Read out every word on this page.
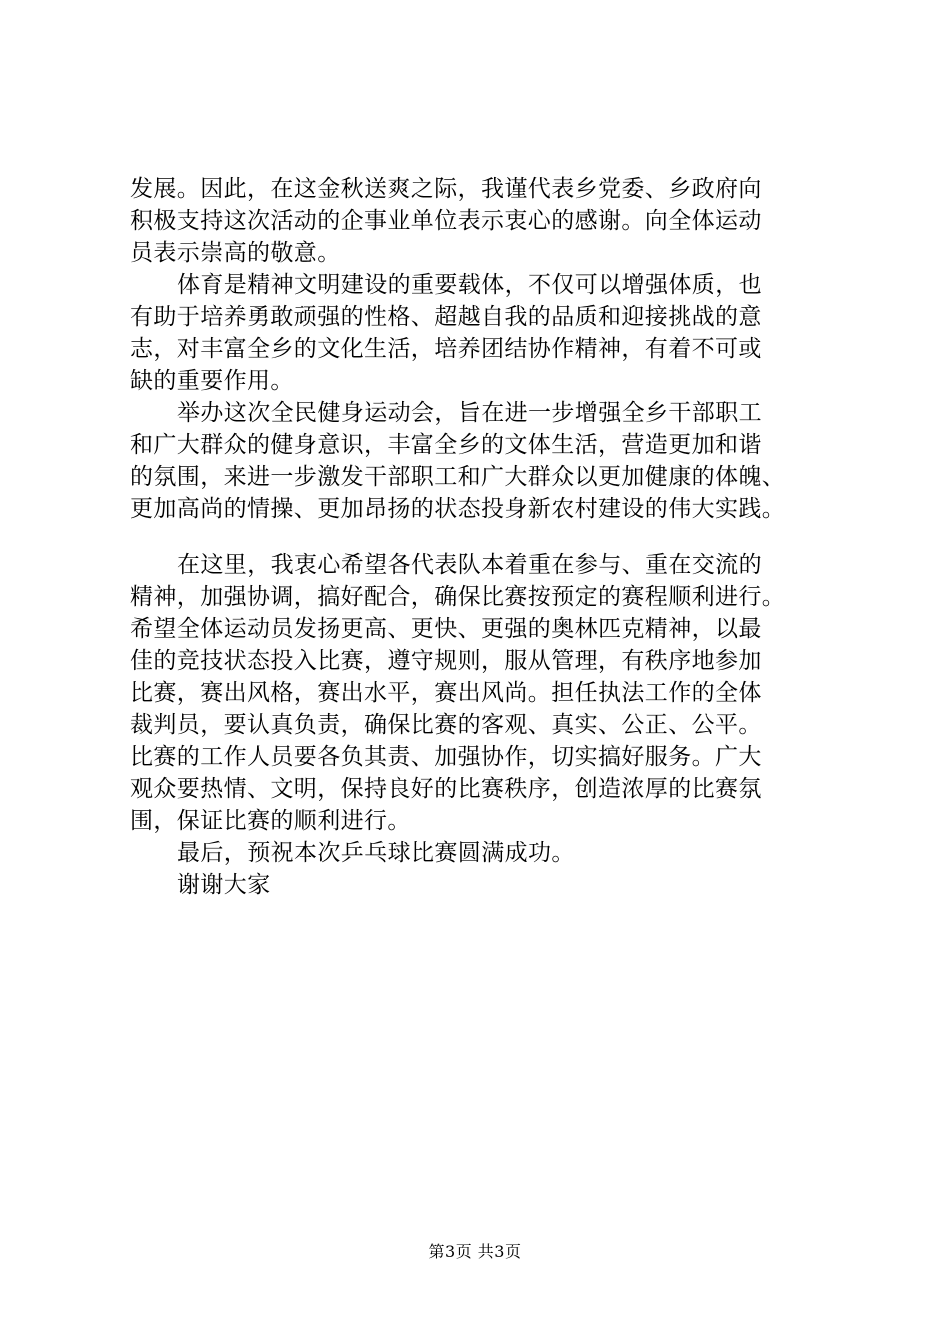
发展。因此，在这金秋送爽之际，我谨代表乡党委、乡政府向
积极支持这次活动的企事业单位表示衷心的感谢。向全体运动
员表示崇高的敬意。
体育是精神文明建设的重要载体，不仅可以增强体质，也
有助于培养勇敢顽强的性格、超越自我的品质和迎接挑战的意
志，对丰富全乡的文化生活，培养团结协作精神，有着不可或
缺的重要作用。
举办这次全民健身运动会，旨在进一步增强全乡干部职工
和广大群众的健身意识，丰富全乡的文体生活，营造更加和谐
的氛围，来进一步激发干部职工和广大群众以更加健康的体魄、
更加高尚的情操、更加昂扬的状态投身新农村建设的伟大实践。
在这里，我衷心希望各代表队本着重在参与、重在交流的
精神，加强协调，搞好配合，确保比赛按预定的赛程顺利进行。
希望全体运动员发扬更高、更快、更强的奥林匹克精神，以最
佳的竞技状态投入比赛，遵守规则，服从管理，有秩序地参加
比赛，赛出风格，赛出水平，赛出风尚。担任执法工作的全体
裁判员，要认真负责，确保比赛的客观、真实、公正、公平。
比赛的工作人员要各负其责、加强协作，切实搞好服务。广大
观众要热情、文明，保持良好的比赛秩序，创造浓厚的比赛氛
围，保证比赛的顺利进行。
最后，预祝本次乒乓球比赛圆满成功。
谢谢大家
第3页 共3页
